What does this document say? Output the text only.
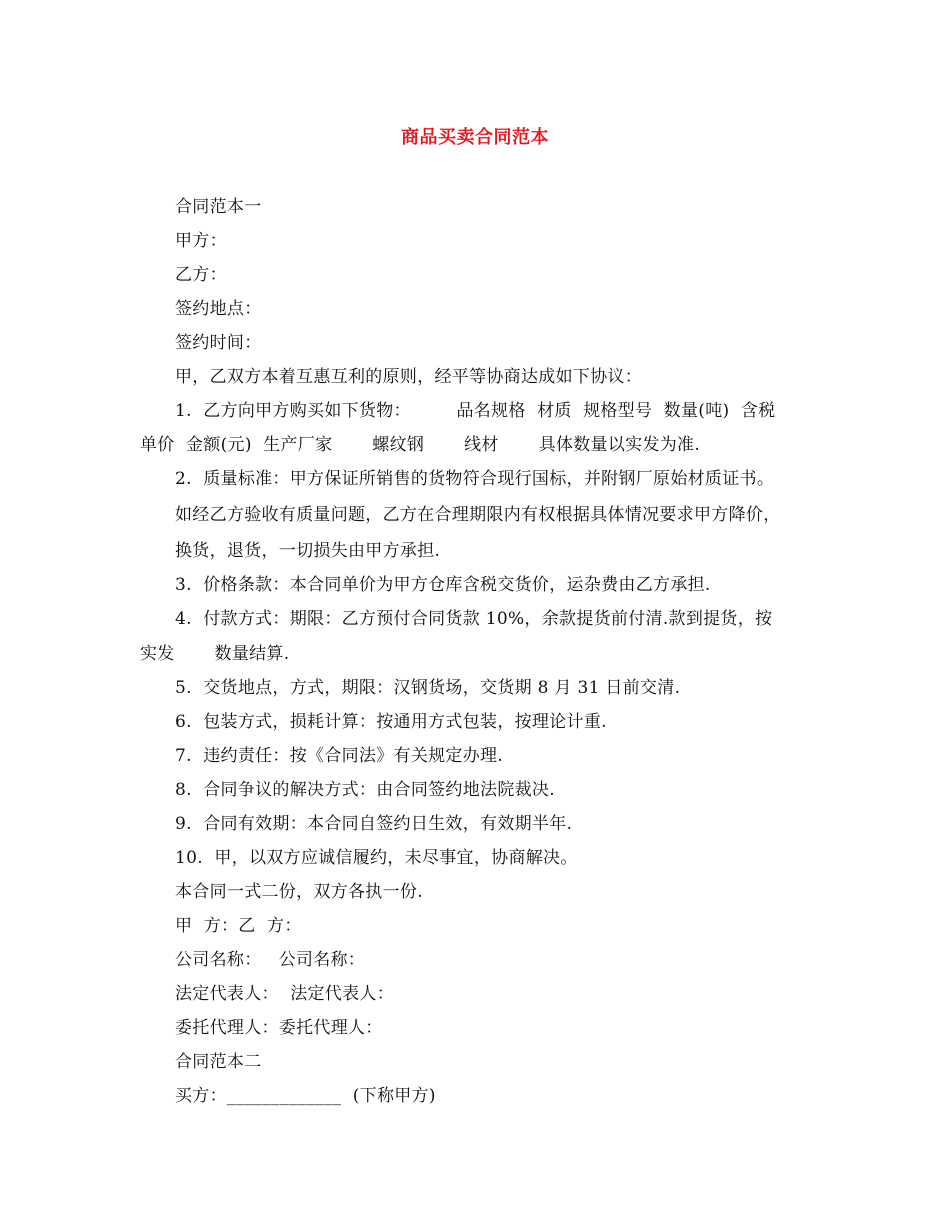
商品买卖合同范本
合同范本一
甲方：
乙方：
签约地点：
签约时间：
甲，乙双方本着互惠互利的原则，经平等协商达成如下协议：
1.  乙方向甲方购买如下货物：        品名规格  材质  规格型号  数量(吨)  含税
单价  金额(元)  生产厂家       螺纹钢       线材       具体数量以实发为准.
2.  质量标准：甲方保证所销售的货物符合现行国标，并附钢厂原始材质证书。
如经乙方验收有质量问题，乙方在合理期限内有权根据具体情况要求甲方降价，
换货，退货，一切损失由甲方承担.
3.  价格条款：本合同单价为甲方仓库含税交货价，运杂费由乙方承担.
4.  付款方式：期限：乙方预付合同货款 10%，余款提货前付清.款到提货，按
实发       数量结算.
5.  交货地点，方式，期限：汉钢货场，交货期 8 月 31 日前交清.
6.  包装方式，损耗计算：按通用方式包装，按理论计重.
7.  违约责任：按《合同法》有关规定办理.
8.  合同争议的解决方式：由合同签约地法院裁决.
9.  合同有效期：本合同自签约日生效，有效期半年.
10.  甲，以双方应诚信履约，未尽事宜，协商解决。
本合同一式二份，双方各执一份.
甲  方：乙  方：
公司名称：   公司名称：
法定代表人：  法定代表人：
委托代理人：委托代理人：
合同范本二
买方：_____________  (下称甲方)
